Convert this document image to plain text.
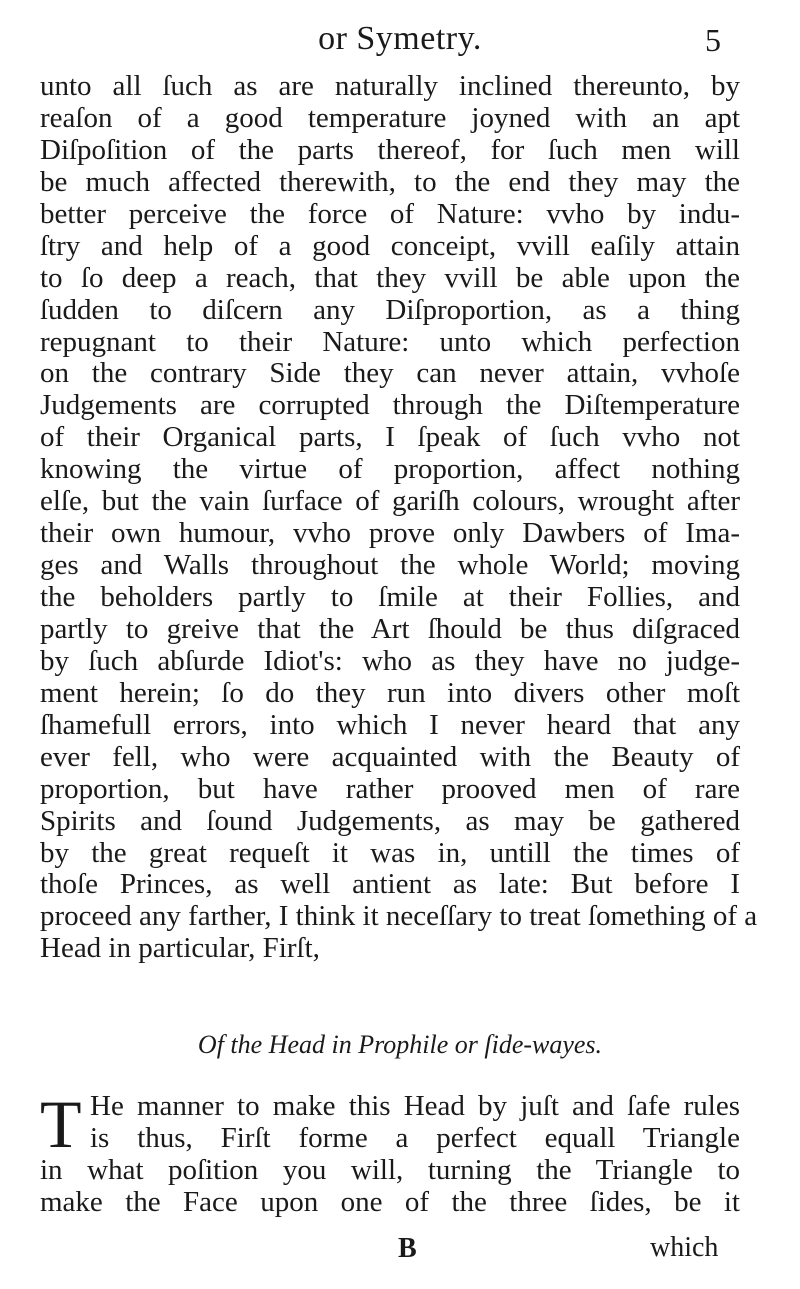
or Symetry.	5
unto all ſuch as are naturally inclined thereunto, by
reaſon of a good temperature joyned with an apt
Diſpoſition of the parts thereof, for ſuch men will
be much affected therewith, to the end they may the
better perceive the force of Nature: vvho by indu-
ſtry and help of a good conceipt, vvill eaſily attain
to ſo deep a reach, that they vvill be able upon the
ſudden to diſcern any Diſproportion, as a thing
repugnant to their Nature: unto which perfection
on the contrary Side they can never attain, vvhoſe
Judgements are corrupted through the Diſtemperature
of their Organical parts, I ſpeak of ſuch vvho not
knowing the virtue of proportion, affect nothing
elſe, but the vain ſurface of gariſh colours, wrought after
their own humour, vvho prove only Dawbers of Ima-
ges and Walls throughout the whole World; moving
the beholders partly to ſmile at their Follies, and
partly to greive that the Art ſhould be thus diſgraced
by ſuch abſurde Idiot's: who as they have no judge-
ment herein; ſo do they run into divers other moſt
ſhamefull errors, into which I never heard that any
ever fell, who were acquainted with the Beauty of
proportion, but have rather prooved men of rare
Spirits and ſound Judgements, as may be gathered
by the great requeſt it was in, untill the times of
thoſe Princes, as well antient as late: But before I
proceed any farther, I think it neceſſary to treat ſomething of a
Head in particular, Firſt,
Of the Head in Prophile or ſide-wayes.
T He manner to make this Head by juſt and ſafe rules
is thus, Firſt forme a perfect equall Triangle
in what poſition you will, turning the Triangle to
make the Face upon one of the three ſides, be it
B	which
